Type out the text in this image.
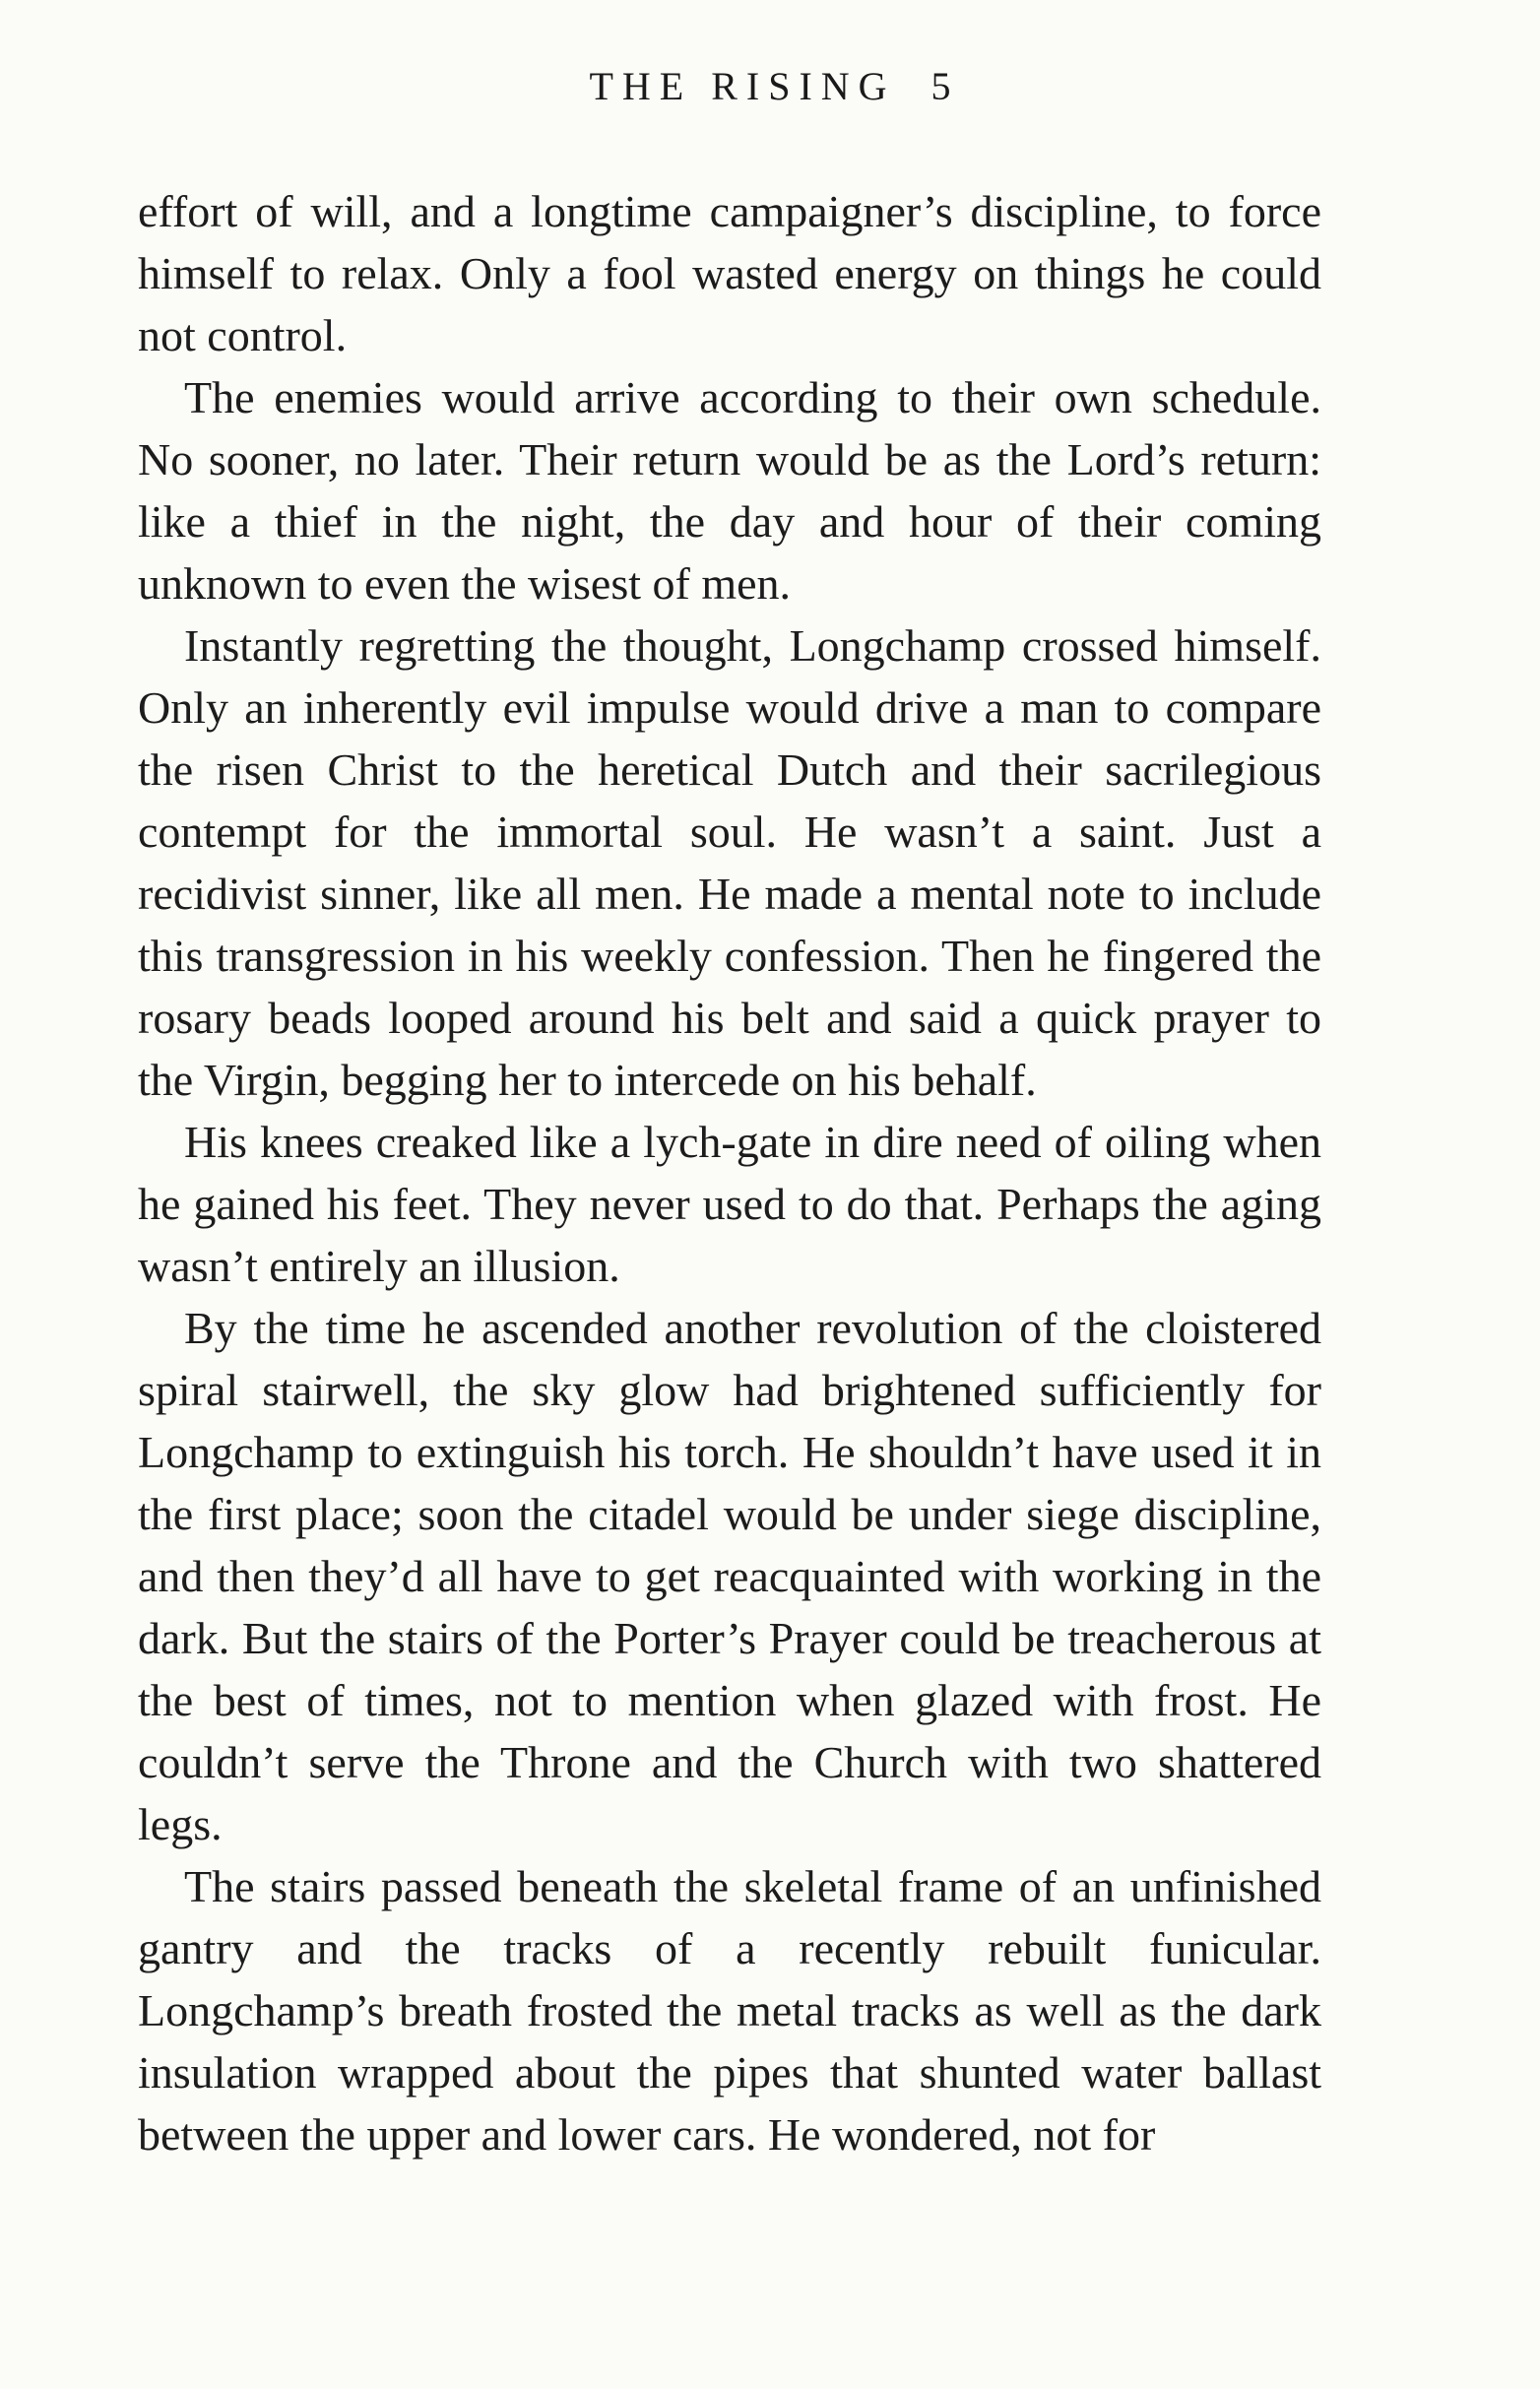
THE RISING 5

effort of will, and a longtime campaigner’s discipline, to force himself to relax. Only a fool wasted energy on things he could not control.

The enemies would arrive according to their own schedule. No sooner, no later. Their return would be as the Lord’s return: like a thief in the night, the day and hour of their coming unknown to even the wisest of men.

Instantly regretting the thought, Longchamp crossed himself. Only an inherently evil impulse would drive a man to compare the risen Christ to the heretical Dutch and their sacrilegious contempt for the immortal soul. He wasn’t a saint. Just a recidivist sinner, like all men. He made a mental note to include this transgression in his weekly confession. Then he fingered the rosary beads looped around his belt and said a quick prayer to the Virgin, begging her to intercede on his behalf.

His knees creaked like a lych-gate in dire need of oiling when he gained his feet. They never used to do that. Perhaps the aging wasn’t entirely an illusion.

By the time he ascended another revolution of the cloistered spiral stairwell, the sky glow had brightened sufficiently for Longchamp to extinguish his torch. He shouldn’t have used it in the first place; soon the citadel would be under siege discipline, and then they’d all have to get reacquainted with working in the dark. But the stairs of the Porter’s Prayer could be treacherous at the best of times, not to mention when glazed with frost. He couldn’t serve the Throne and the Church with two shattered legs.

The stairs passed beneath the skeletal frame of an unfinished gantry and the tracks of a recently rebuilt funicular. Longchamp’s breath frosted the metal tracks as well as the dark insulation wrapped about the pipes that shunted water ballast between the upper and lower cars. He wondered, not for
